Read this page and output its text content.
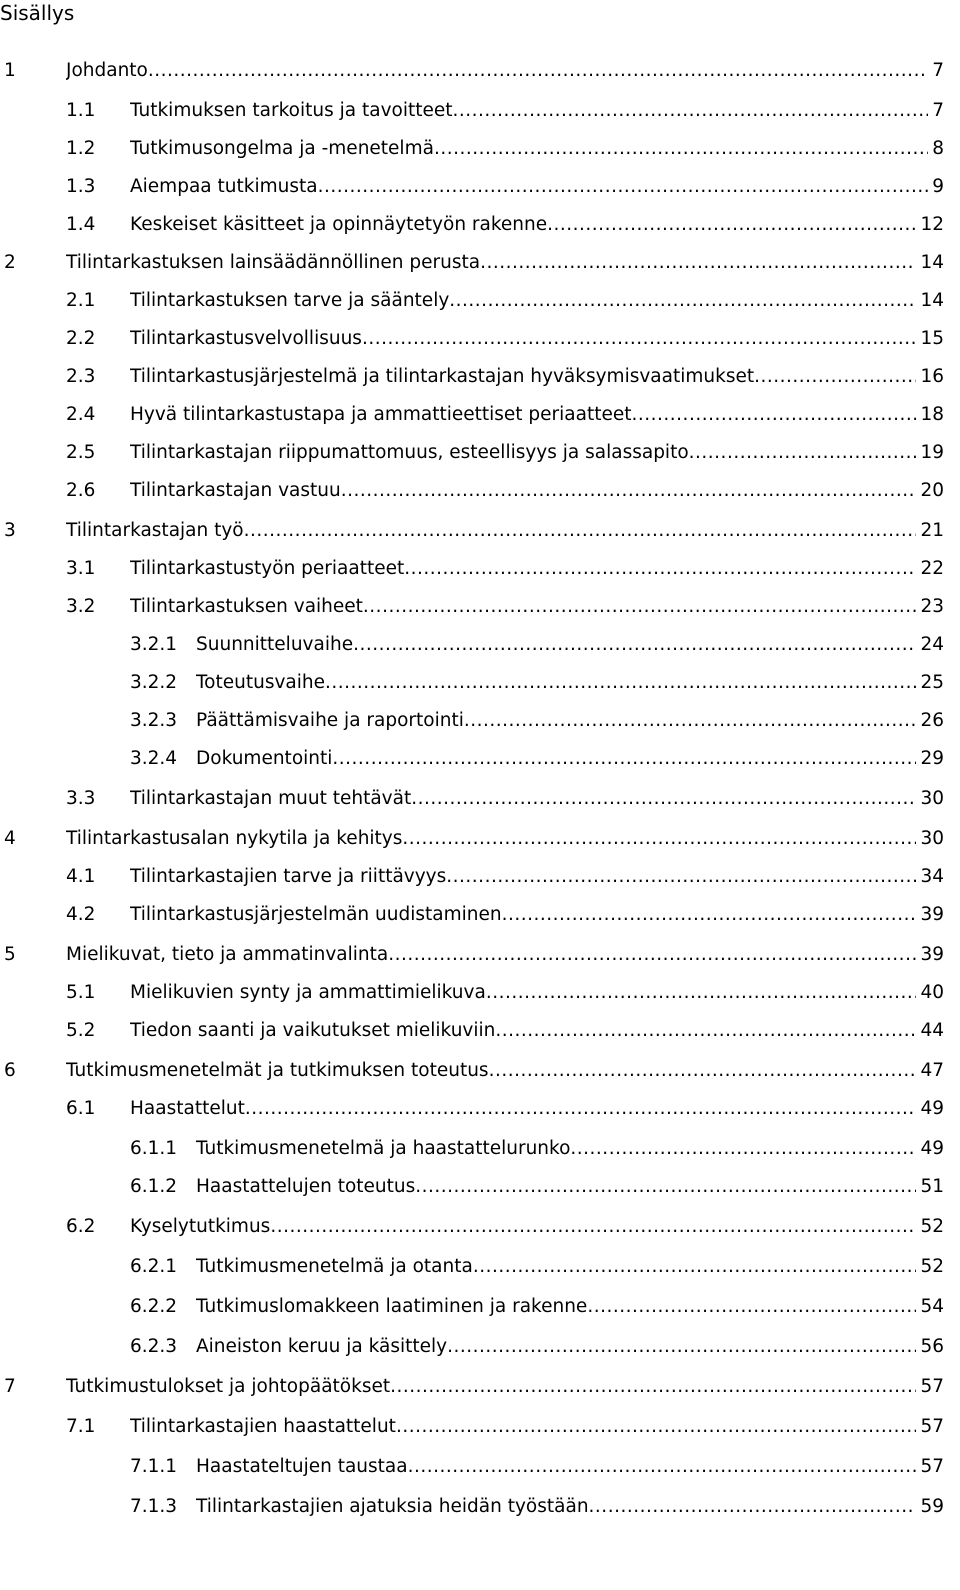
Sisällys
1	Johdanto .....	7
1.1 Tutkimuksen tarkoitus ja tavoitteet .....	7
1.2 Tutkimusongelma ja -menetelmä .....	8
1.3 Aiempaa tutkimusta .....	9
1.4 Keskeiset käsitteet ja opinnäytetyön rakenne .....	12
2	Tilintarkastuksen lainsäädännöllinen perusta .....	14
2.1 Tilintarkastuksen tarve ja sääntely .....	14
2.2 Tilintarkastusvelvollisuus .....	15
2.3 Tilintarkastusjärjestelmä ja tilintarkastajan hyväksymisvaatimukset .....	16
2.4 Hyvä tilintarkastustapa ja ammattieettiset periaatteet .....	18
2.5 Tilintarkastajan riippumattomuus, esteellisyys ja salassapito .....	19
2.6 Tilintarkastajan vastuu .....	20
3	Tilintarkastajan työ .....	21
3.1 Tilintarkastustyön periaatteet .....	22
3.2 Tilintarkastuksen vaiheet .....	23
3.2.1 Suunnitteluvaihe .....	24
3.2.2 Toteutusvaihe .....	25
3.2.3 Päättämisvaihe ja raportointi .....	26
3.2.4 Dokumentointi .....	29
3.3 Tilintarkastajan muut tehtävät .....	30
4	Tilintarkastusalan nykytila ja kehitys .....	30
4.1 Tilintarkastajien tarve ja riittävyys .....	34
4.2 Tilintarkastusjärjestelmän uudistaminen .....	39
5	Mielikuvat, tieto ja ammatinvalinta .....	39
5.1 Mielikuvien synty ja ammattimielikuva .....	40
5.2 Tiedon saanti ja vaikutukset mielikuviin .....	44
6	Tutkimusmenetelmät ja tutkimuksen toteutus .....	47
6.1 Haastattelut .....	49
6.1.1 Tutkimusmenetelmä ja haastattelurunko .....	49
6.1.2 Haastattelujen toteutus .....	51
6.2 Kyselytutkimus .....	52
6.2.1 Tutkimusmenetelmä ja otanta .....	52
6.2.2 Tutkimuslomakkeen laatiminen ja rakenne .....	54
6.2.3 Aineiston keruu ja käsittely .....	56
7	Tutkimustulokset ja johtopäätökset .....	57
7.1 Tilintarkastajien haastattelut .....	57
7.1.1 Haastateltujen taustaa .....	57
7.1.3 Tilintarkastajien ajatuksia heidän työstään .....	59
